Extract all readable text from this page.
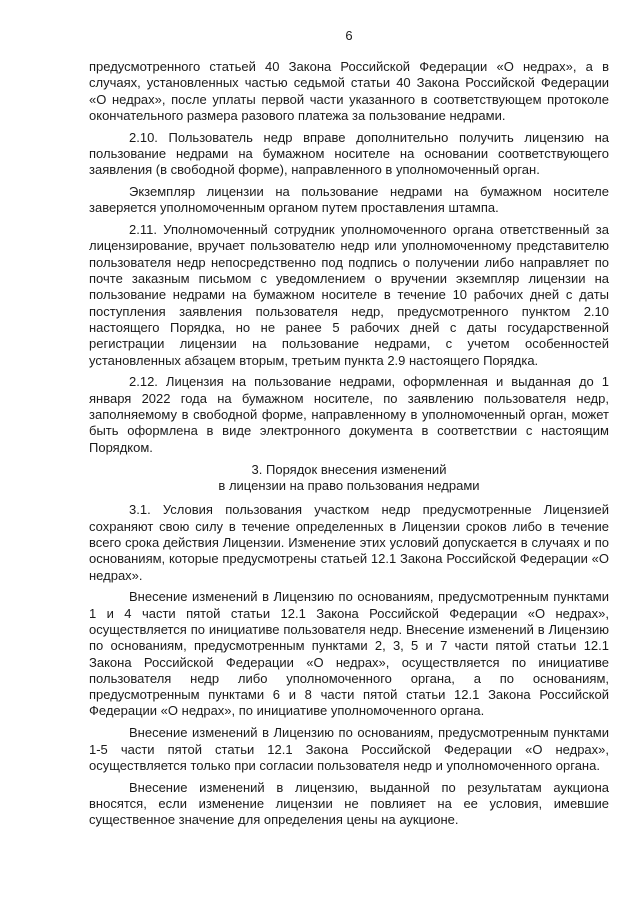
6

предусмотренного статьей 40 Закона Российской Федерации «О недрах», а в случаях, установленных частью седьмой статьи 40 Закона Российской Федерации «О недрах», после уплаты первой части указанного в соответствующем протоколе окончательного размера разового платежа за пользование недрами.

2.10. Пользователь недр вправе дополнительно получить лицензию на пользование недрами на бумажном носителе на основании соответствующего заявления (в свободной форме), направленного в уполномоченный орган.

Экземпляр лицензии на пользование недрами на бумажном носителе заверяется уполномоченным органом путем проставления штампа.

2.11. Уполномоченный сотрудник уполномоченного органа ответственный за лицензирование, вручает пользователю недр или уполномоченному представителю пользователя недр непосредственно под подпись о получении либо направляет по почте заказным письмом с уведомлением о вручении экземпляр лицензии на пользование недрами на бумажном носителе в течение 10 рабочих дней с даты поступления заявления пользователя недр, предусмотренного пунктом 2.10 настоящего Порядка, но не ранее 5 рабочих дней с даты государственной регистрации лицензии на пользование недрами, с учетом особенностей установленных абзацем вторым, третьим пункта 2.9 настоящего Порядка.

2.12. Лицензия на пользование недрами, оформленная и выданная до 1 января 2022 года на бумажном носителе, по заявлению пользователя недр, заполняемому в свободной форме, направленному в уполномоченный орган, может быть оформлена в виде электронного документа в соответствии с настоящим Порядком.

3. Порядок внесения изменений
в лицензии на право пользования недрами

3.1. Условия пользования участком недр предусмотренные Лицензией сохраняют свою силу в течение определенных в Лицензии сроков либо в течение всего срока действия Лицензии. Изменение этих условий допускается в случаях и по основаниям, которые предусмотрены статьей 12.1 Закона Российской Федерации «О недрах».

Внесение изменений в Лицензию по основаниям, предусмотренным пунктами 1 и 4 части пятой статьи 12.1 Закона Российской Федерации «О недрах», осуществляется по инициативе пользователя недр. Внесение изменений в Лицензию по основаниям, предусмотренным пунктами 2, 3, 5 и 7 части пятой статьи 12.1 Закона Российской Федерации «О недрах», осуществляется по инициативе пользователя недр либо уполномоченного органа, а по основаниям, предусмотренным пунктами 6 и 8 части пятой статьи 12.1 Закона Российской Федерации «О недрах», по инициативе уполномоченного органа.

Внесение изменений в Лицензию по основаниям, предусмотренным пунктами 1-5 части пятой статьи 12.1 Закона Российской Федерации «О недрах», осуществляется только при согласии пользователя недр и уполномоченного органа.

Внесение изменений в лицензию, выданной по результатам аукциона вносятся, если изменение лицензии не повлияет на ее условия, имевшие существенное значение для определения цены на аукционе.
